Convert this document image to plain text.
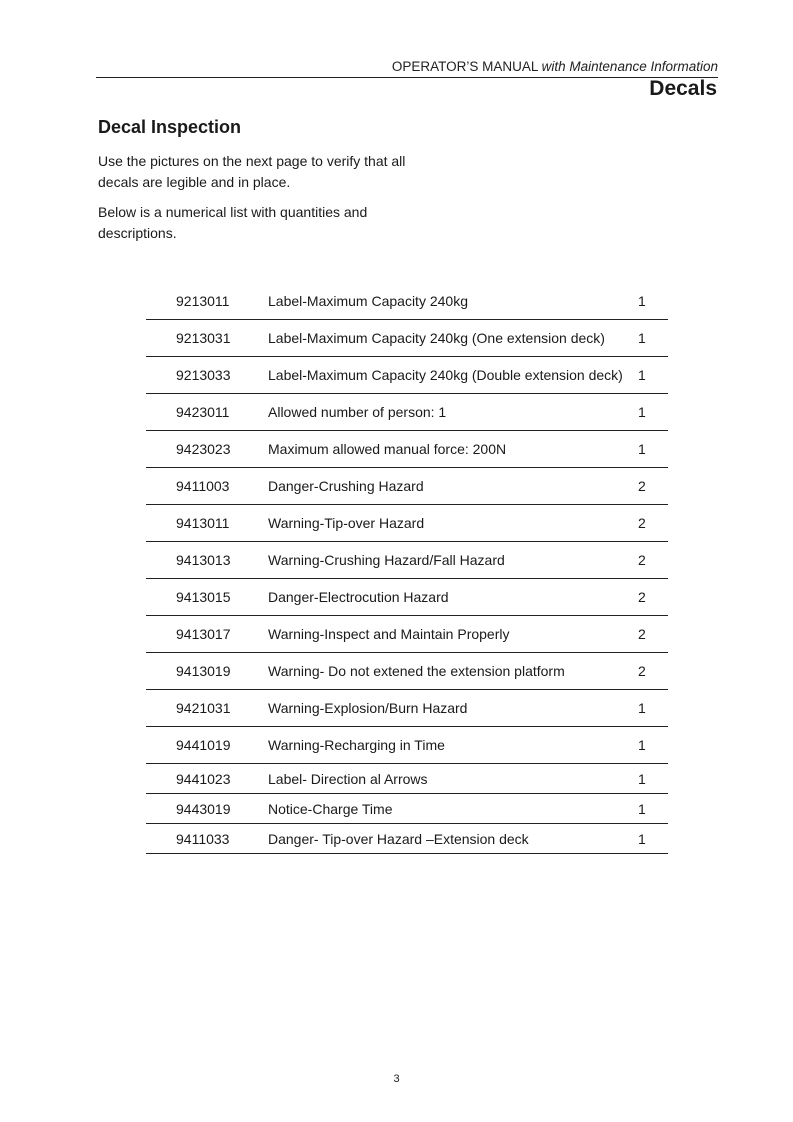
OPERATOR’S MANUAL with Maintenance Information
Decals
Decal Inspection
Use the pictures on the next page to verify that all decals are legible and in place.
Below is a numerical list with quantities and descriptions.
9213011	Label-Maximum Capacity 240kg	1
9213031	Label-Maximum Capacity 240kg (One extension deck)	1
9213033	Label-Maximum Capacity 240kg (Double extension deck)	1
9423011	Allowed number of person: 1	1
9423023	Maximum allowed manual force: 200N	1
9411003	Danger-Crushing Hazard	2
9413011	Warning-Tip-over Hazard	2
9413013	Warning-Crushing Hazard/Fall Hazard	2
9413015	Danger-Electrocution Hazard	2
9413017	Warning-Inspect and Maintain Properly	2
9413019	Warning- Do not extened the extension platform	2
9421031	Warning-Explosion/Burn Hazard	1
9441019	Warning-Recharging in Time	1
9441023	Label- Direction al Arrows	1
9443019	Notice-Charge Time	1
9411033	Danger- Tip-over Hazard –Extension deck	1
3
